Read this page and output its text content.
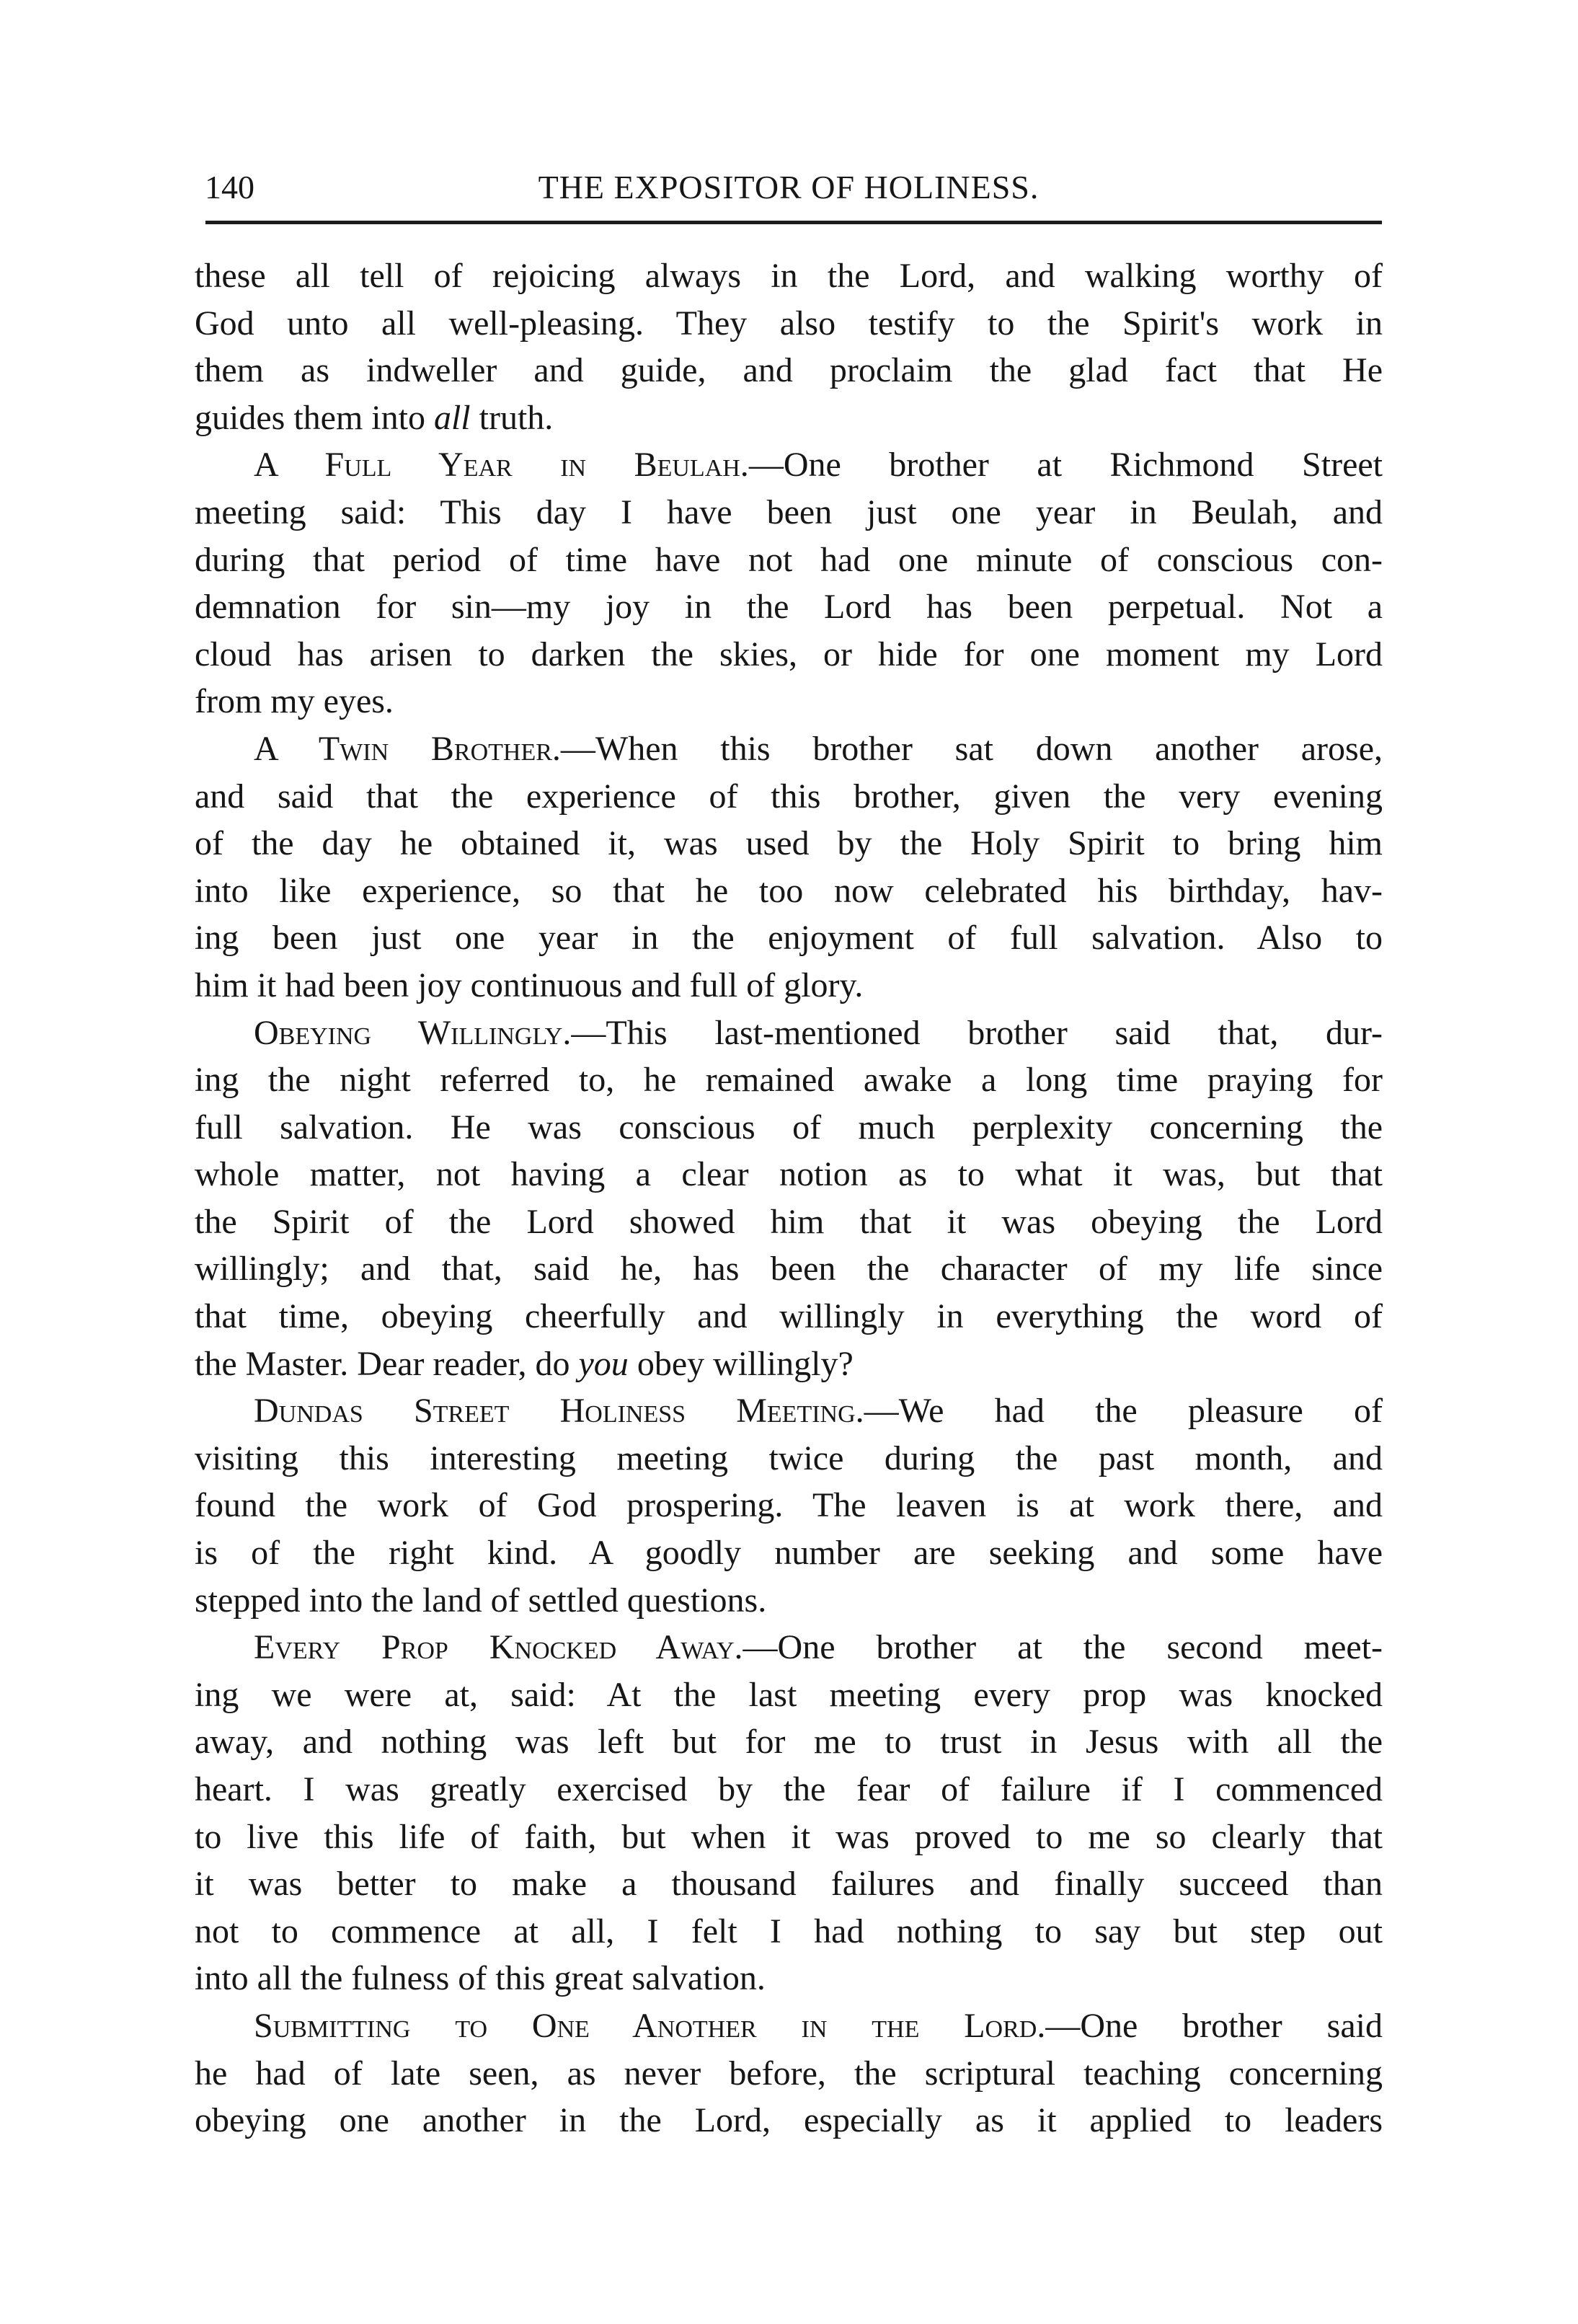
140	THE EXPOSITOR OF HOLINESS.
these all tell of rejoicing always in the Lord, and walking worthy of
God unto all well-pleasing. They also testify to the Spirit's work in
them as indweller and guide, and proclaim the glad fact that He
guides them into all truth.
A Full Year in Beulah.—One brother at Richmond Street
meeting said: This day I have been just one year in Beulah, and
during that period of time have not had one minute of conscious con-
demnation for sin—my joy in the Lord has been perpetual. Not a
cloud has arisen to darken the skies, or hide for one moment my Lord
from my eyes.
A Twin Brother.—When this brother sat down another arose,
and said that the experience of this brother, given the very evening
of the day he obtained it, was used by the Holy Spirit to bring him
into like experience, so that he too now celebrated his birthday, hav-
ing been just one year in the enjoyment of full salvation. Also to
him it had been joy continuous and full of glory.
Obeying Willingly.—This last-mentioned brother said that, dur-
ing the night referred to, he remained awake a long time praying for
full salvation. He was conscious of much perplexity concerning the
whole matter, not having a clear notion as to what it was, but that
the Spirit of the Lord showed him that it was obeying the Lord
willingly; and that, said he, has been the character of my life since
that time, obeying cheerfully and willingly in everything the word of
the Master. Dear reader, do you obey willingly?
Dundas Street Holiness Meeting.—We had the pleasure of
visiting this interesting meeting twice during the past month, and
found the work of God prospering. The leaven is at work there, and
is of the right kind. A goodly number are seeking and some have
stepped into the land of settled questions.
Every Prop Knocked Away.—One brother at the second meet-
ing we were at, said: At the last meeting every prop was knocked
away, and nothing was left but for me to trust in Jesus with all the
heart. I was greatly exercised by the fear of failure if I commenced
to live this life of faith, but when it was proved to me so clearly that
it was better to make a thousand failures and finally succeed than
not to commence at all, I felt I had nothing to say but step out
into all the fulness of this great salvation.
Submitting to One Another in the Lord.—One brother said
he had of late seen, as never before, the scriptural teaching concerning
obeying one another in the Lord, especially as it applied to leaders
